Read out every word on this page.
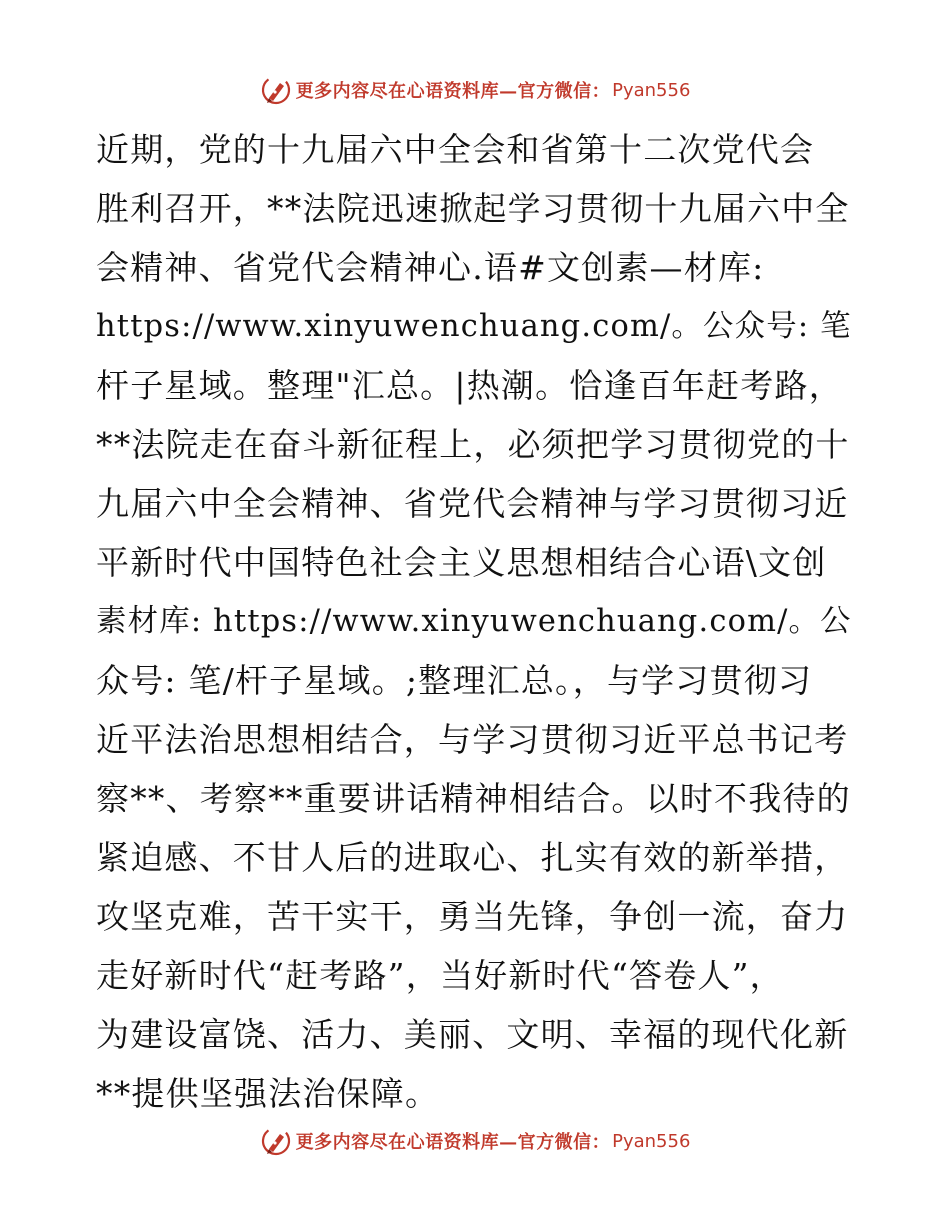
更多内容尽在心语资料库—官方微信： Pyan556
近期，党的十九届六中全会和省第十二次党代会
胜利召开，**法院迅速掀起学习贯彻十九届六中全
会精神、省党代会精神心.语#文创素—材库:
https://www.xinyuwenchuang.com/。公众号: 笔
杆子星域。整理"汇总。|热潮。恰逢百年赶考路，
**法院走在奋斗新征程上，必须把学习贯彻党的十
九届六中全会精神、省党代会精神与学习贯彻习近
平新时代中国特色社会主义思想相结合心语\文创
素材库: https://www.xinyuwenchuang.com/。公
众号: 笔/杆子星域。;整理汇总。，与学习贯彻习
近平法治思想相结合，与学习贯彻习近平总书记考
察**、考察**重要讲话精神相结合。以时不我待的
紧迫感、不甘人后的进取心、扎实有效的新举措，
攻坚克难，苦干实干，勇当先锋，争创一流，奋力
走好新时代“赶考路”，当好新时代“答卷人”，
为建设富饶、活力、美丽、文明、幸福的现代化新
**提供坚强法治保障。
更多内容尽在心语资料库—官方微信： Pyan556
